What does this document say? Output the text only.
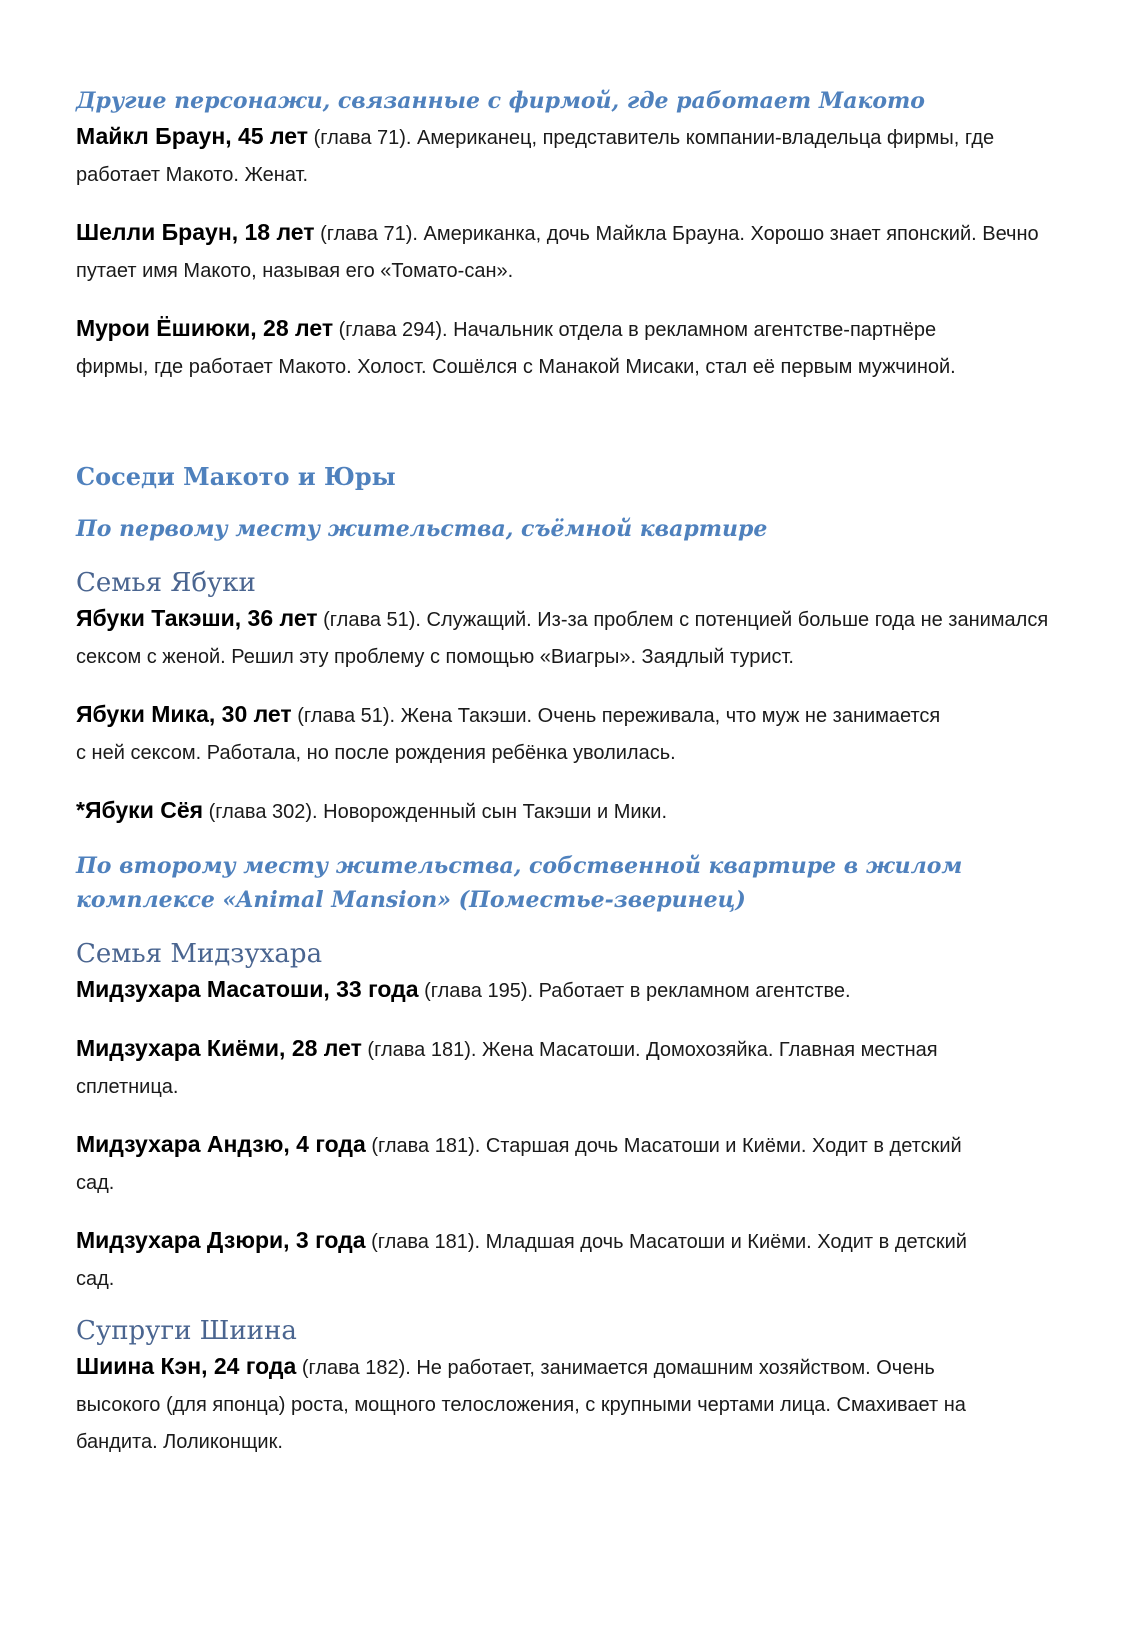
Другие персонажи, связанные с фирмой, где работает Макото

Майкл Браун, 45 лет (глава 71). Американец, представитель компании-владельца фирмы, где работает Макото. Женат.

Шелли Браун, 18 лет (глава 71). Американка, дочь Майкла Брауна. Хорошо знает японский. Вечно путает имя Макото, называя его «Томато-сан».

Мурои Ёшиюки, 28 лет (глава 294). Начальник отдела в рекламном агентстве-партнёре фирмы, где работает Макото. Холост. Сошёлся с Манакой Мисаки, стал её первым мужчиной.

Соседи Макото и Юры

По первому месту жительства, съёмной квартире

Семья Ябуки

Ябуки Такэши, 36 лет (глава 51). Служащий. Из-за проблем с потенцией больше года не занимался сексом с женой. Решил эту проблему с помощью «Виагры». Заядлый турист.

Ябуки Мика, 30 лет (глава 51). Жена Такэши. Очень переживала, что муж не занимается с ней сексом. Работала, но после рождения ребёнка уволилась.

*Ябуки Сёя (глава 302). Новорожденный сын Такэши и Мики.

По второму месту жительства, собственной квартире в жилом комплексе «Animal Mansion» (Поместье-зверинец)

Семья Мидзухара

Мидзухара Масатоши, 33 года (глава 195). Работает в рекламном агентстве.

Мидзухара Киёми, 28 лет (глава 181). Жена Масатоши. Домохозяйка. Главная местная сплетница.

Мидзухара Андзю, 4 года (глава 181). Старшая дочь Масатоши и Киёми. Ходит в детский сад.

Мидзухара Дзюри, 3 года (глава 181). Младшая дочь Масатоши и Киёми. Ходит в детский сад.

Супруги Шиина

Шиина Кэн, 24 года (глава 182). Не работает, занимается домашним хозяйством. Очень высокого (для японца) роста, мощного телосложения, с крупными чертами лица. Смахивает на бандита. Лоликонщик.
